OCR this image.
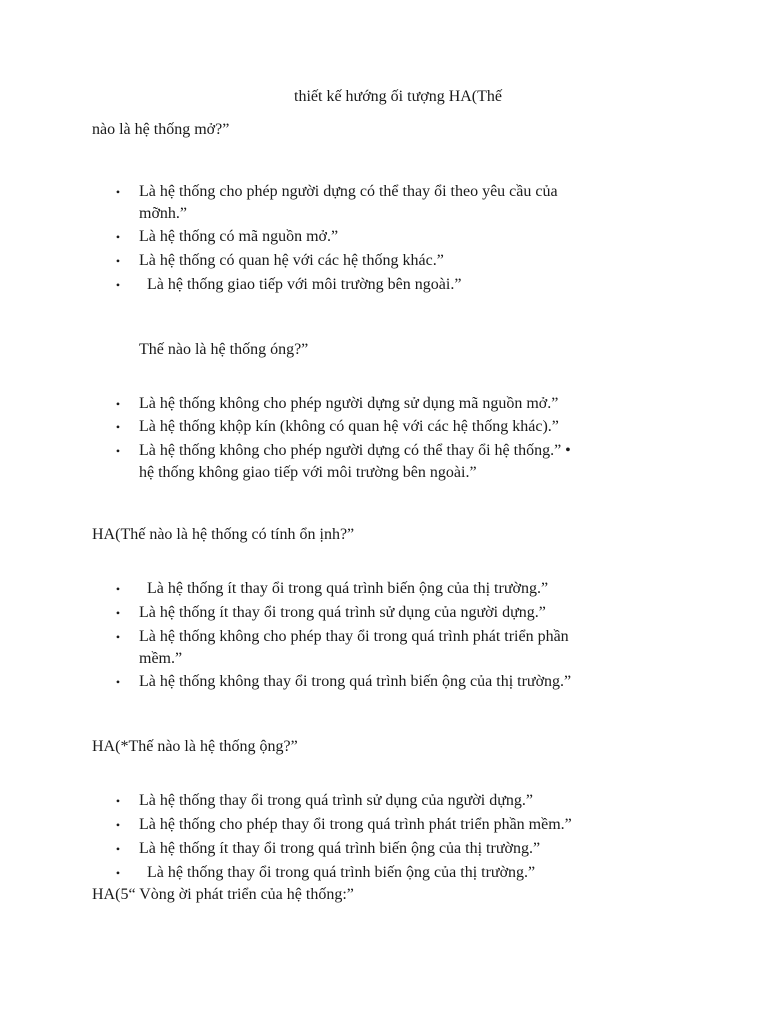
thiết kế hướng ối tượng HA(Thế
nào là hệ thống mở?”
• Là hệ thống cho phép người dựng có thể thay ổi theo yêu cầu của
mỡnh.”
• Là hệ thống có mã nguồn mở.”
• Là hệ thống có quan hệ với các hệ thống khác.”
• Là hệ thống giao tiếp với môi trường bên ngoài.”
Thế nào là hệ thống óng?”
• Là hệ thống không cho phép người dựng sử dụng mã nguồn mở.”
• Là hệ thống khộp kín (không có quan hệ với các hệ thống khác).”
• Là hệ thống không cho phép người dựng có thể thay ổi hệ thống.” •
hệ thống không giao tiếp với môi trường bên ngoài.”
HA(Thế nào là hệ thống có tính ổn ịnh?”
• Là hệ thống ít thay ổi trong quá trình biến ộng của thị trường.”
• Là hệ thống ít thay ổi trong quá trình sử dụng của người dựng.”
• Là hệ thống không cho phép thay ổi trong quá trình phát triển phần
mềm.”
• Là hệ thống không thay ổi trong quá trình biến ộng của thị trường.”
HA(*Thế nào là hệ thống ộng?”
• Là hệ thống thay ổi trong quá trình sử dụng của người dựng.”
• Là hệ thống cho phép thay ổi trong quá trình phát triển phần mềm.”
• Là hệ thống ít thay ổi trong quá trình biến ộng của thị trường.”
• Là hệ thống thay ổi trong quá trình biến ộng của thị trường.”
HA(5“ Vòng ời phát triển của hệ thống:”
